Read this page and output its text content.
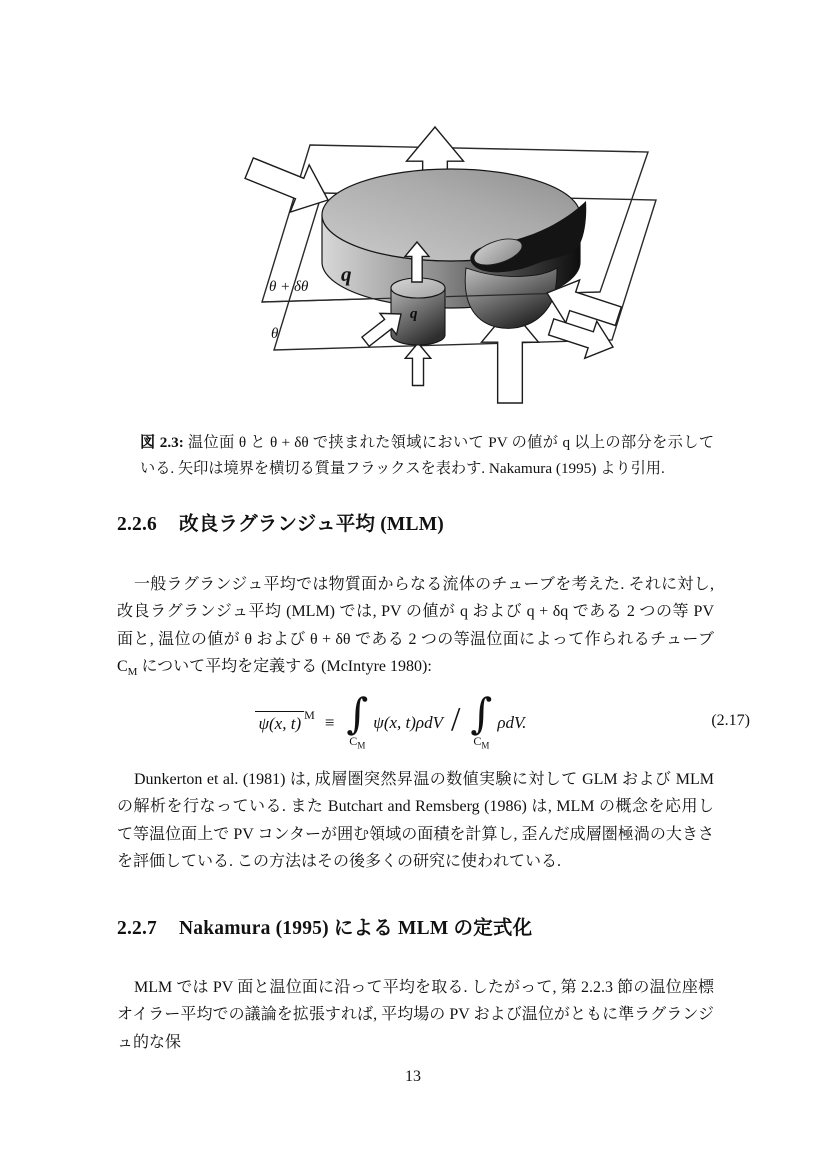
θ + δθ
θ
q
q
図 2.3: 温位面 θ と θ + δθ で挟まれた領域において PV の値が q 以上の部分を示している. 矢印は境界を横切る質量フラックスを表わす. Nakamura (1995) より引用.
2.2.6 改良ラグランジュ平均 (MLM)
一般ラグランジュ平均では物質面からなる流体のチューブを考えた. それに対し, 改良ラグランジュ平均 (MLM) では, PV の値が q および q + δq である 2 つの等 PV 面と, 温位の値が θ および θ + δθ である 2 つの等温位面によって作られるチューブ $C_M$ について平均を定義する (McIntyre 1980):
ψ(x, t) M ≡ ∫
$C_M$
ψ(x, t)ρdV / ∫
$C_M$
ρdV.	(2.17)
Dunkerton et al. (1981) は, 成層圏突然昇温の数値実験に対して GLM および MLM の解析を行なっている. また Butchart and Remsberg (1986) は, MLM の概念を応用して等温位面上で PV コンターが囲む領域の面積を計算し, 歪んだ成層圏極渦の大きさを評価している. この方法はその後多くの研究に使われている.
2.2.7 Nakamura (1995) による MLM の定式化
MLM では PV 面と温位面に沿って平均を取る. したがって, 第 2.2.3 節の温位座標オイラー平均での議論を拡張すれば, 平均場の PV および温位がともに準ラグランジュ的な保
13
